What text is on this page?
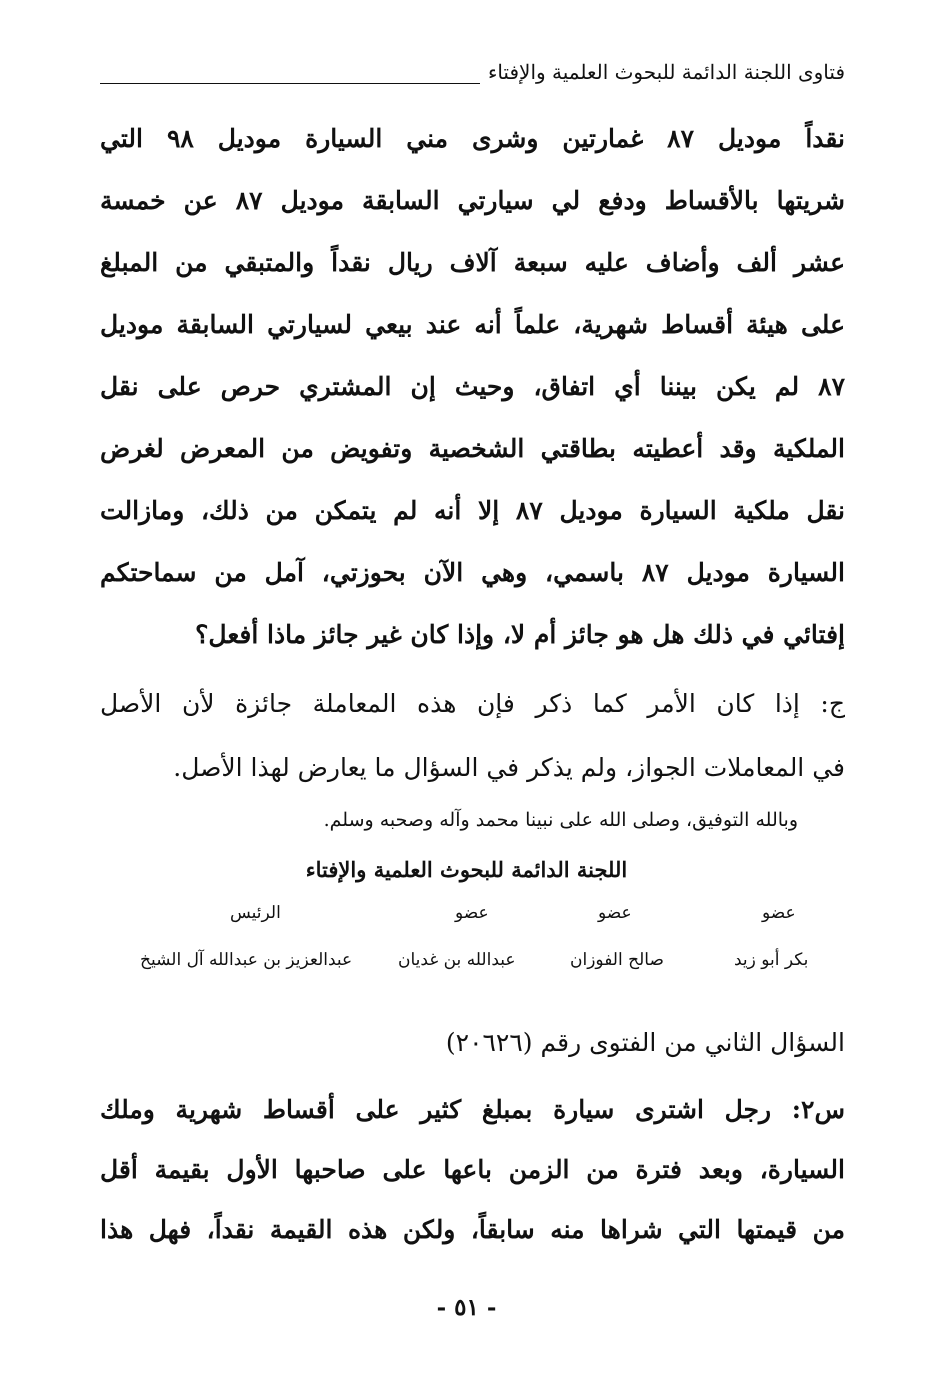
فتاوى اللجنة الدائمة للبحوث العلمية والإفتاء
نقداً موديل ٨٧ غمارتين وشرى مني السيارة موديل ٩٨ التي
شريتها بالأقساط ودفع لي سيارتي السابقة موديل ٨٧ عن خمسة
عشر ألف وأضاف عليه سبعة آلاف ريال نقداً والمتبقي من المبلغ
على هيئة أقساط شهرية، علماً أنه عند بيعي لسيارتي السابقة موديل
٨٧ لم يكن بيننا أي اتفاق، وحيث إن المشتري حرص على نقل
الملكية وقد أعطيته بطاقتي الشخصية وتفويض من المعرض لغرض
نقل ملكية السيارة موديل ٨٧ إلا أنه لم يتمكن من ذلك، ومازالت
السيارة موديل ٨٧ باسمي، وهي الآن بحوزتي، آمل من سماحتكم
إفتائي في ذلك هل هو جائز أم لا، وإذا كان غير جائز ماذا أفعل؟
ج: إذا كان الأمر كما ذكر فإن هذه المعاملة جائزة لأن الأصل
في المعاملات الجواز، ولم يذكر في السؤال ما يعارض لهذا الأصل.
وبالله التوفيق، وصلى الله على نبينا محمد وآله وصحبه وسلم.
اللجنة الدائمة للبحوث العلمية والإفتاء
عضو
عضو
عضو
الرئيس
بكر أبو زيد
صالح الفوزان
عبدالله بن غديان
عبدالعزيز بن عبدالله آل الشيخ
السؤال الثاني من الفتوى رقم (٢٠٦٢٦)
س٢: رجل اشترى سيارة بمبلغ كثير على أقساط شهرية وملك
السيارة، وبعد فترة من الزمن باعها على صاحبها الأول بقيمة أقل
من قيمتها التي شراها منه سابقاً، ولكن هذه القيمة نقداً، فهل هذا
- ٥١ -
